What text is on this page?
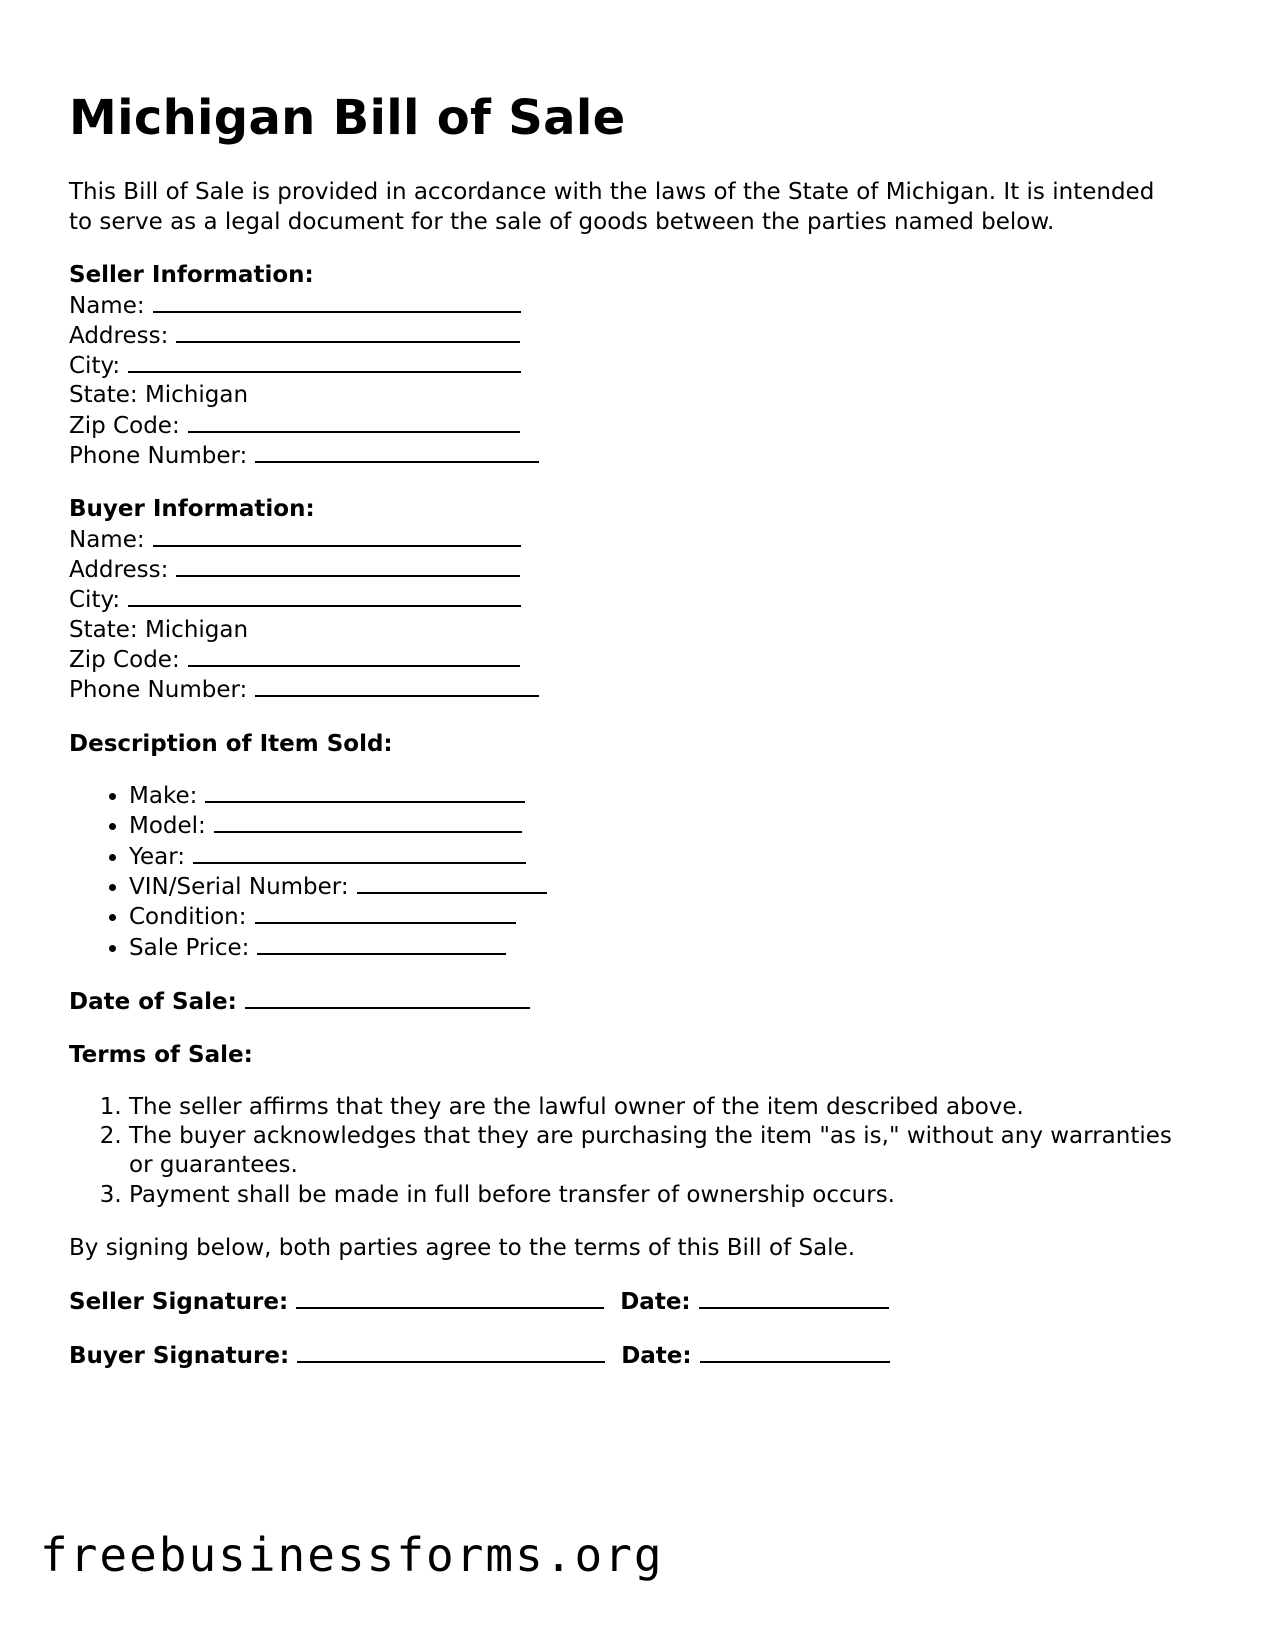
Michigan Bill of Sale

This Bill of Sale is provided in accordance with the laws of the State of Michigan. It is intended to serve as a legal document for the sale of goods between the parties named below.

Seller Information:

Name:

Address:

City:

State: Michigan

Zip Code:

Phone Number:

Buyer Information:

Name:

Address:

City:

State: Michigan

Zip Code:

Phone Number:

Description of Item Sold:

• Make:
• Model:
• Year:
• VIN/Serial Number:
• Condition:
• Sale Price:

Date of Sale:

Terms of Sale:

1. The seller affirms that they are the lawful owner of the item described above.
2. The buyer acknowledges that they are purchasing the item "as is," without any warranties or guarantees.
3. Payment shall be made in full before transfer of ownership occurs.

By signing below, both parties agree to the terms of this Bill of Sale.

Seller Signature:	Date:

Buyer Signature:	Date:

freebusinessforms.org
